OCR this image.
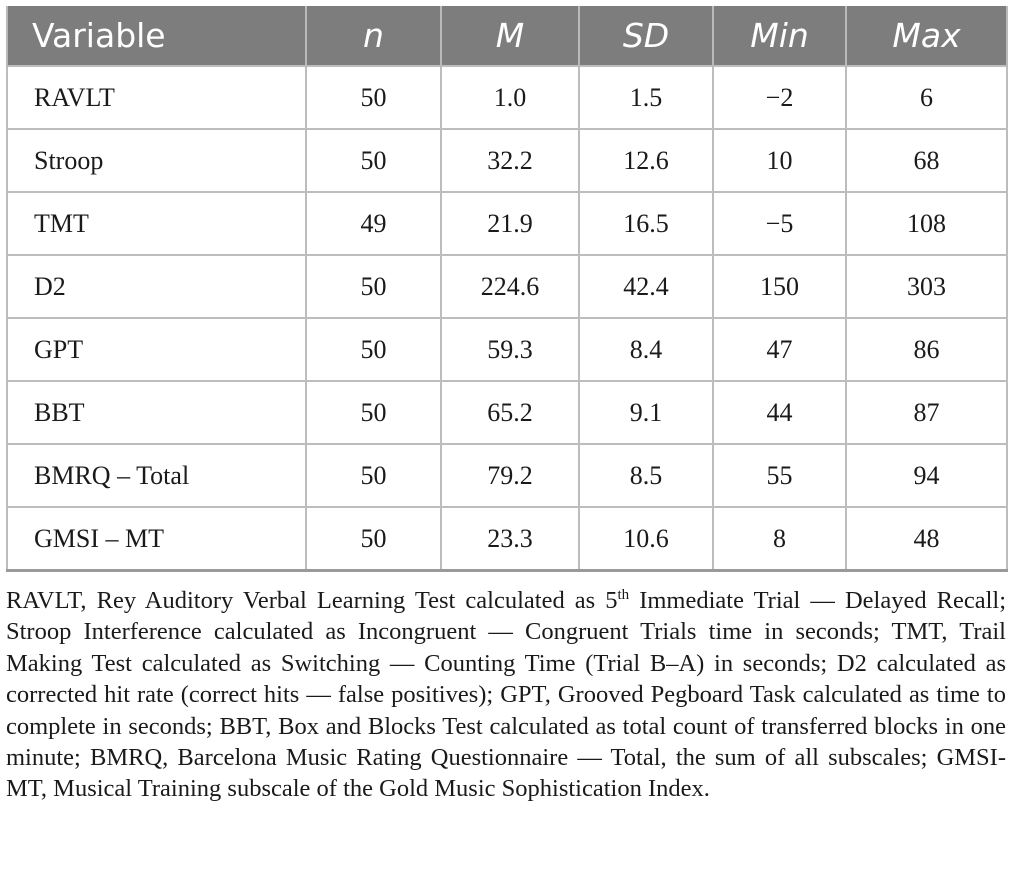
Variable	n	M	SD	Min	Max
RAVLT	50	1.0	1.5	−2	6
Stroop	50	32.2	12.6	10	68
TMT	49	21.9	16.5	−5	108
D2	50	224.6	42.4	150	303
GPT	50	59.3	8.4	47	86
BBT	50	65.2	9.1	44	87
BMRQ – Total	50	79.2	8.5	55	94
GMSI – MT	50	23.3	10.6	8	48

RAVLT, Rey Auditory Verbal Learning Test calculated as 5th Immediate Trial — Delayed Recall; Stroop Interference calculated as Incongruent — Congruent Trials time in seconds; TMT, Trail Making Test calculated as Switching — Counting Time (Trial B–A) in seconds; D2 calculated as corrected hit rate (correct hits — false positives); GPT, Grooved Pegboard Task calculated as time to complete in seconds; BBT, Box and Blocks Test calculated as total count of transferred blocks in one minute; BMRQ, Barcelona Music Rating Questionnaire — Total, the sum of all subscales; GMSI-MT, Musical Training subscale of the Gold Music Sophistication Index.
